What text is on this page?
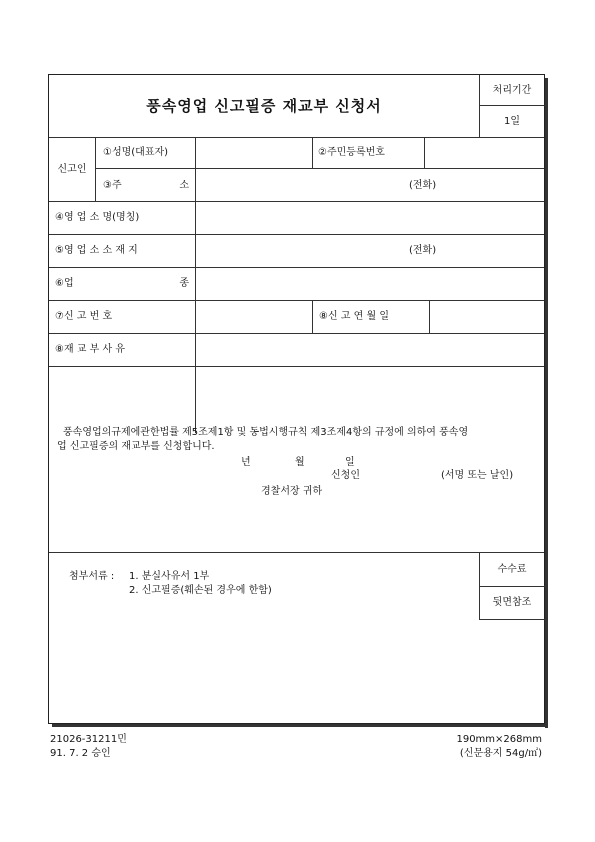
풍속영업 신고필증 재교부 신청서
처리기간
1일
신고인
①성명(대표자)	②주민등록번호
③주	소	(전화)
④영 업 소 명(명칭)
⑤영 업 소 소 재 지	(전화)
⑥업	종
⑦신 고 번 호	⑧신 고 연 월 일
⑧재 교 부 사 유
풍속영업의규제에관한법률 제5조제1항 및 동법시행규칙 제3조제4항의 규정에 의하여 풍속영
업 신고필증의 재교부를 신청합니다.
년	월	일
신청인	(서명 또는 날인)
경찰서장 귀하
첨부서류 : 1. 분실사유서 1부
2. 신고필증(훼손된 경우에 한함)
수수료
뒷면참조
21026-31211민
91. 7. 2 승인
190mm×268mm
(신문용지 54g/㎡)
